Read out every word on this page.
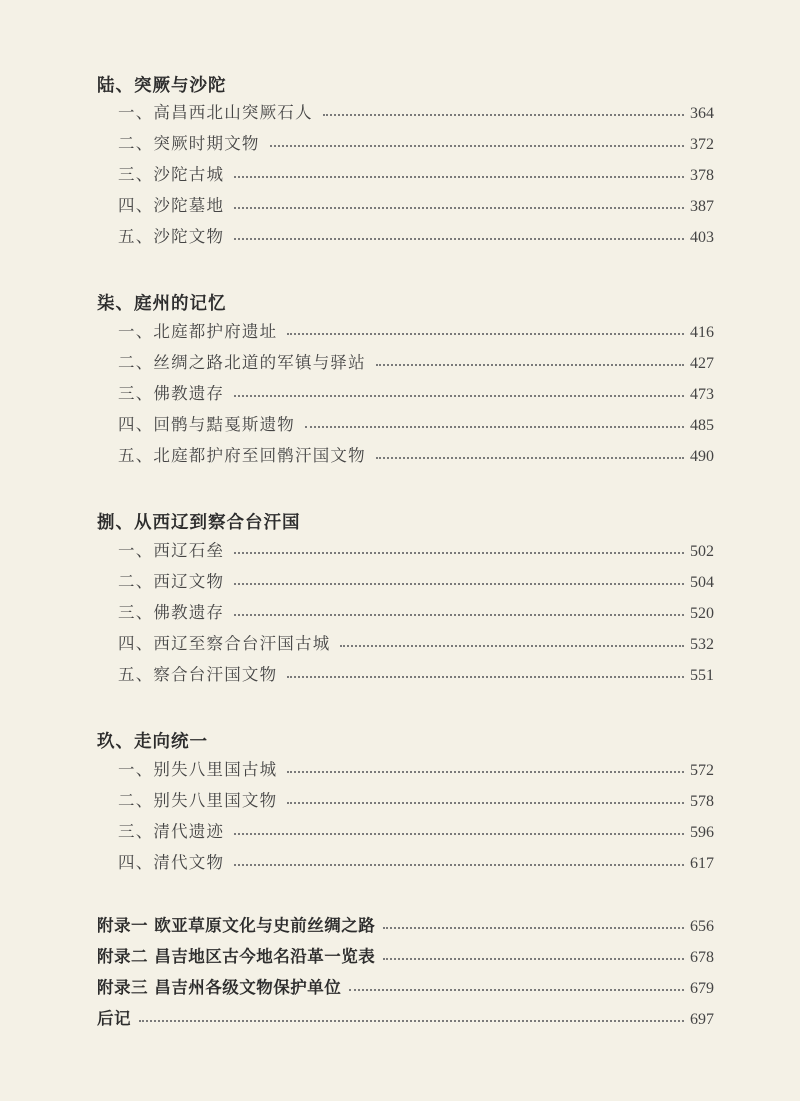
陆、突厥与沙陀
一、高昌西北山突厥石人	364
二、突厥时期文物	372
三、沙陀古城	378
四、沙陀墓地	387
五、沙陀文物	403
柒、庭州的记忆
一、北庭都护府遗址	416
二、丝绸之路北道的军镇与驿站	427
三、佛教遗存	473
四、回鹘与黠戛斯遗物	485
五、北庭都护府至回鹘汗国文物	490
捌、从西辽到察合台汗国
一、西辽石垒	502
二、西辽文物	504
三、佛教遗存	520
四、西辽至察合台汗国古城	532
五、察合台汗国文物	551
玖、走向统一
一、别失八里国古城	572
二、别失八里国文物	578
三、清代遗迹	596
四、清代文物	617
附录一 欧亚草原文化与史前丝绸之路	656
附录二 昌吉地区古今地名沿革一览表	678
附录三 昌吉州各级文物保护单位	679
后记	697
